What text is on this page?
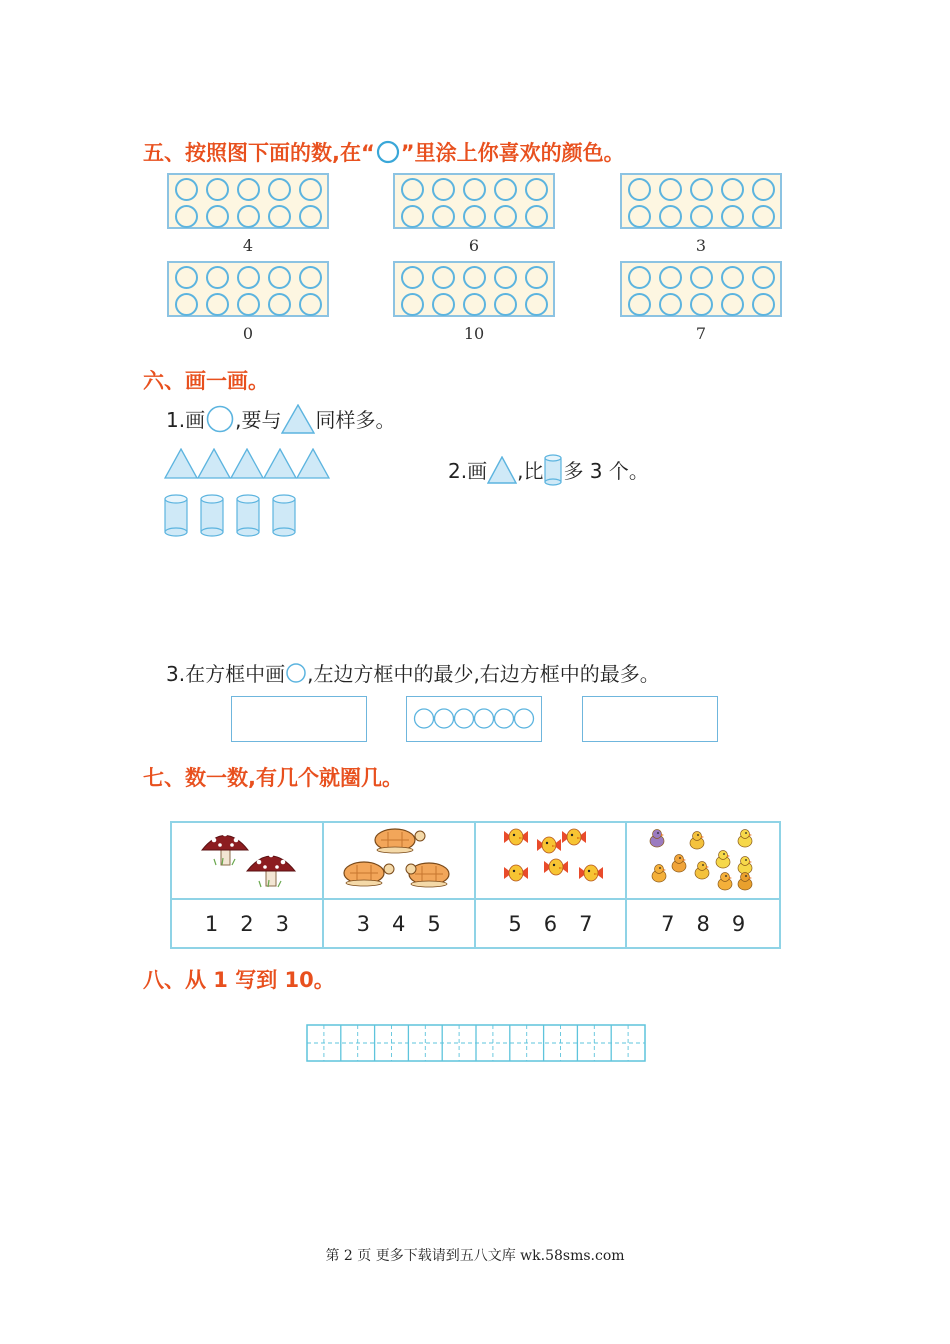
五、按照图下面的数,在“ ”里涂上你喜欢的颜色。
4	6	3
0	10	7
六、画一画。
1.画 ,要与 同样多。
2.画 ,比 多 3 个。
3.在方框中画 ,左边方框中的最少,右边方框中的最多。
七、数一数,有几个就圈几。
1 2 3	3 4 5	5 6 7	7 8 9
八、从 1 写到 10。
第 2 页 更多下载请到五八文库 wk.58sms.com
